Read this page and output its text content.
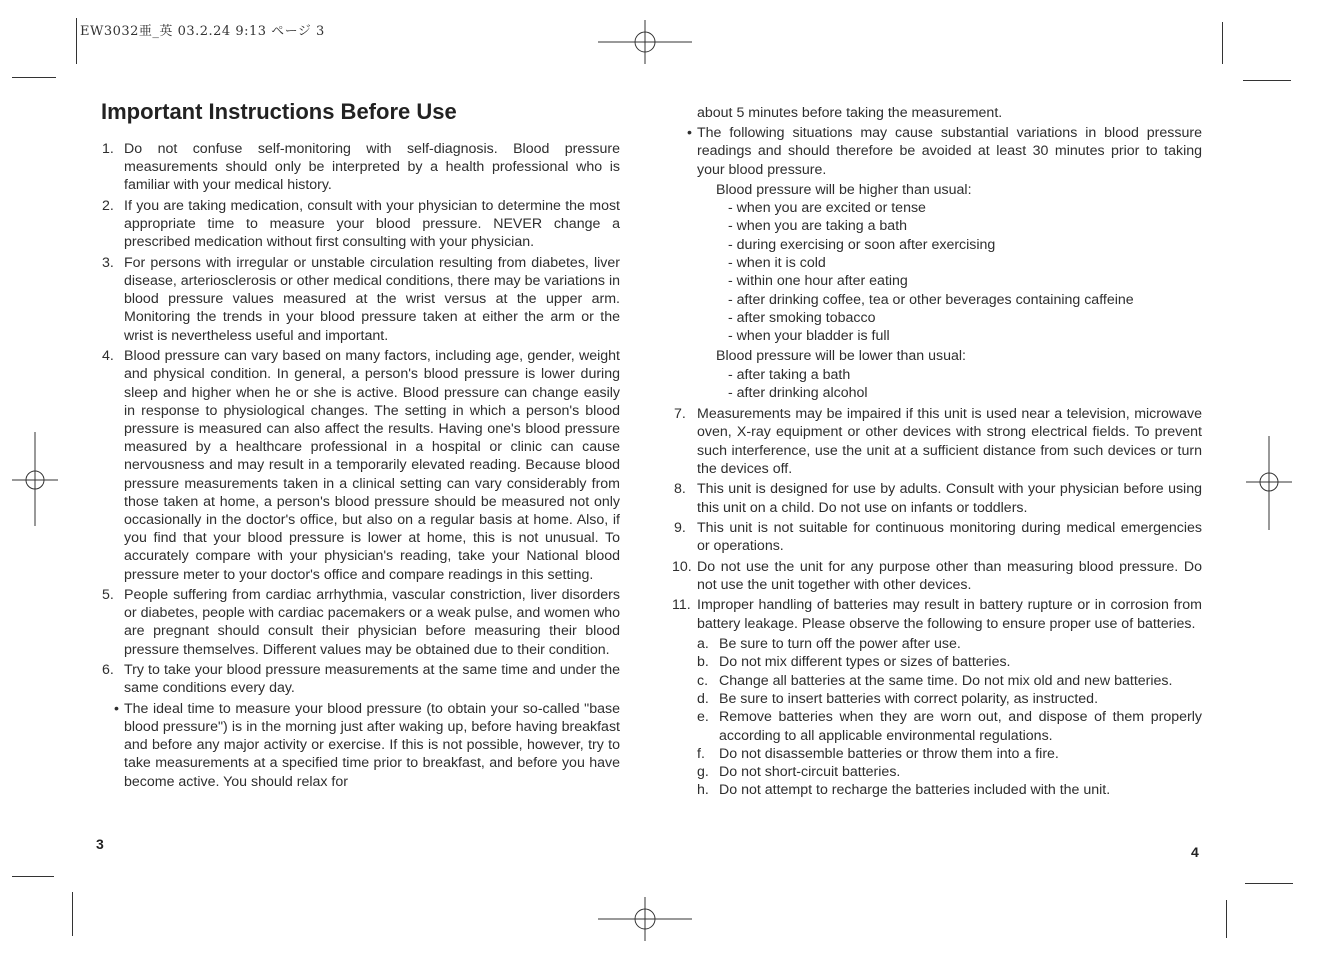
EW3032亜_英 03.2.24 9:13 ページ 3
Important Instructions Before Use
1. Do not confuse self-monitoring with self-diagnosis. Blood pressure measurements should only be interpreted by a health professional who is familiar with your medical history.
2. If you are taking medication, consult with your physician to determine the most appropriate time to measure your blood pressure. NEVER change a prescribed medication without first consulting with your physician.
3. For persons with irregular or unstable circulation resulting from diabetes, liver disease, arteriosclerosis or other medical conditions, there may be variations in blood pressure values measured at the wrist versus at the upper arm. Monitoring the trends in your blood pressure taken at either the arm or the wrist is nevertheless useful and important.
4. Blood pressure can vary based on many factors, including age, gender, weight and physical condition. In general, a person's blood pressure is lower during sleep and higher when he or she is active. Blood pressure can change easily in response to physiological changes. The setting in which a person's blood pressure is measured can also affect the results. Having one's blood pressure measured by a healthcare professional in a hospital or clinic can cause nervousness and may result in a temporarily elevated reading. Because blood pressure measurements taken in a clinical setting can vary considerably from those taken at home, a person's blood pressure should be measured not only occasionally in the doctor's office, but also on a regular basis at home. Also, if you find that your blood pressure is lower at home, this is not unusual. To accurately compare with your physician's reading, take your National blood pressure meter to your doctor's office and compare readings in this setting.
5. People suffering from cardiac arrhythmia, vascular constriction, liver disorders or diabetes, people with cardiac pacemakers or a weak pulse, and women who are pregnant should consult their physician before measuring their blood pressure themselves. Different values may be obtained due to their condition.
6. Try to take your blood pressure measurements at the same time and under the same conditions every day.
• The ideal time to measure your blood pressure (to obtain your so-called "base blood pressure") is in the morning just after waking up, before having breakfast and before any major activity or exercise. If this is not possible, however, try to take measurements at a specified time prior to breakfast, and before you have become active. You should relax for
about 5 minutes before taking the measurement.
• The following situations may cause substantial variations in blood pressure readings and should therefore be avoided at least 30 minutes prior to taking your blood pressure.
Blood pressure will be higher than usual:
- when you are excited or tense
- when you are taking a bath
- during exercising or soon after exercising
- when it is cold
- within one hour after eating
- after drinking coffee, tea or other beverages containing caffeine
- after smoking tobacco
- when your bladder is full
Blood pressure will be lower than usual:
- after taking a bath
- after drinking alcohol
7. Measurements may be impaired if this unit is used near a television, microwave oven, X-ray equipment or other devices with strong electrical fields. To prevent such interference, use the unit at a sufficient distance from such devices or turn the devices off.
8. This unit is designed for use by adults. Consult with your physician before using this unit on a child. Do not use on infants or toddlers.
9. This unit is not suitable for continuous monitoring during medical emergencies or operations.
10. Do not use the unit for any purpose other than measuring blood pressure. Do not use the unit together with other devices.
11. Improper handling of batteries may result in battery rupture or in corrosion from battery leakage. Please observe the following to ensure proper use of batteries.
a. Be sure to turn off the power after use.
b. Do not mix different types or sizes of batteries.
c. Change all batteries at the same time. Do not mix old and new batteries.
d. Be sure to insert batteries with correct polarity, as instructed.
e. Remove batteries when they are worn out, and dispose of them properly according to all applicable environmental regulations.
f. Do not disassemble batteries or throw them into a fire.
g. Do not short-circuit batteries.
h. Do not attempt to recharge the batteries included with the unit.
3	4
